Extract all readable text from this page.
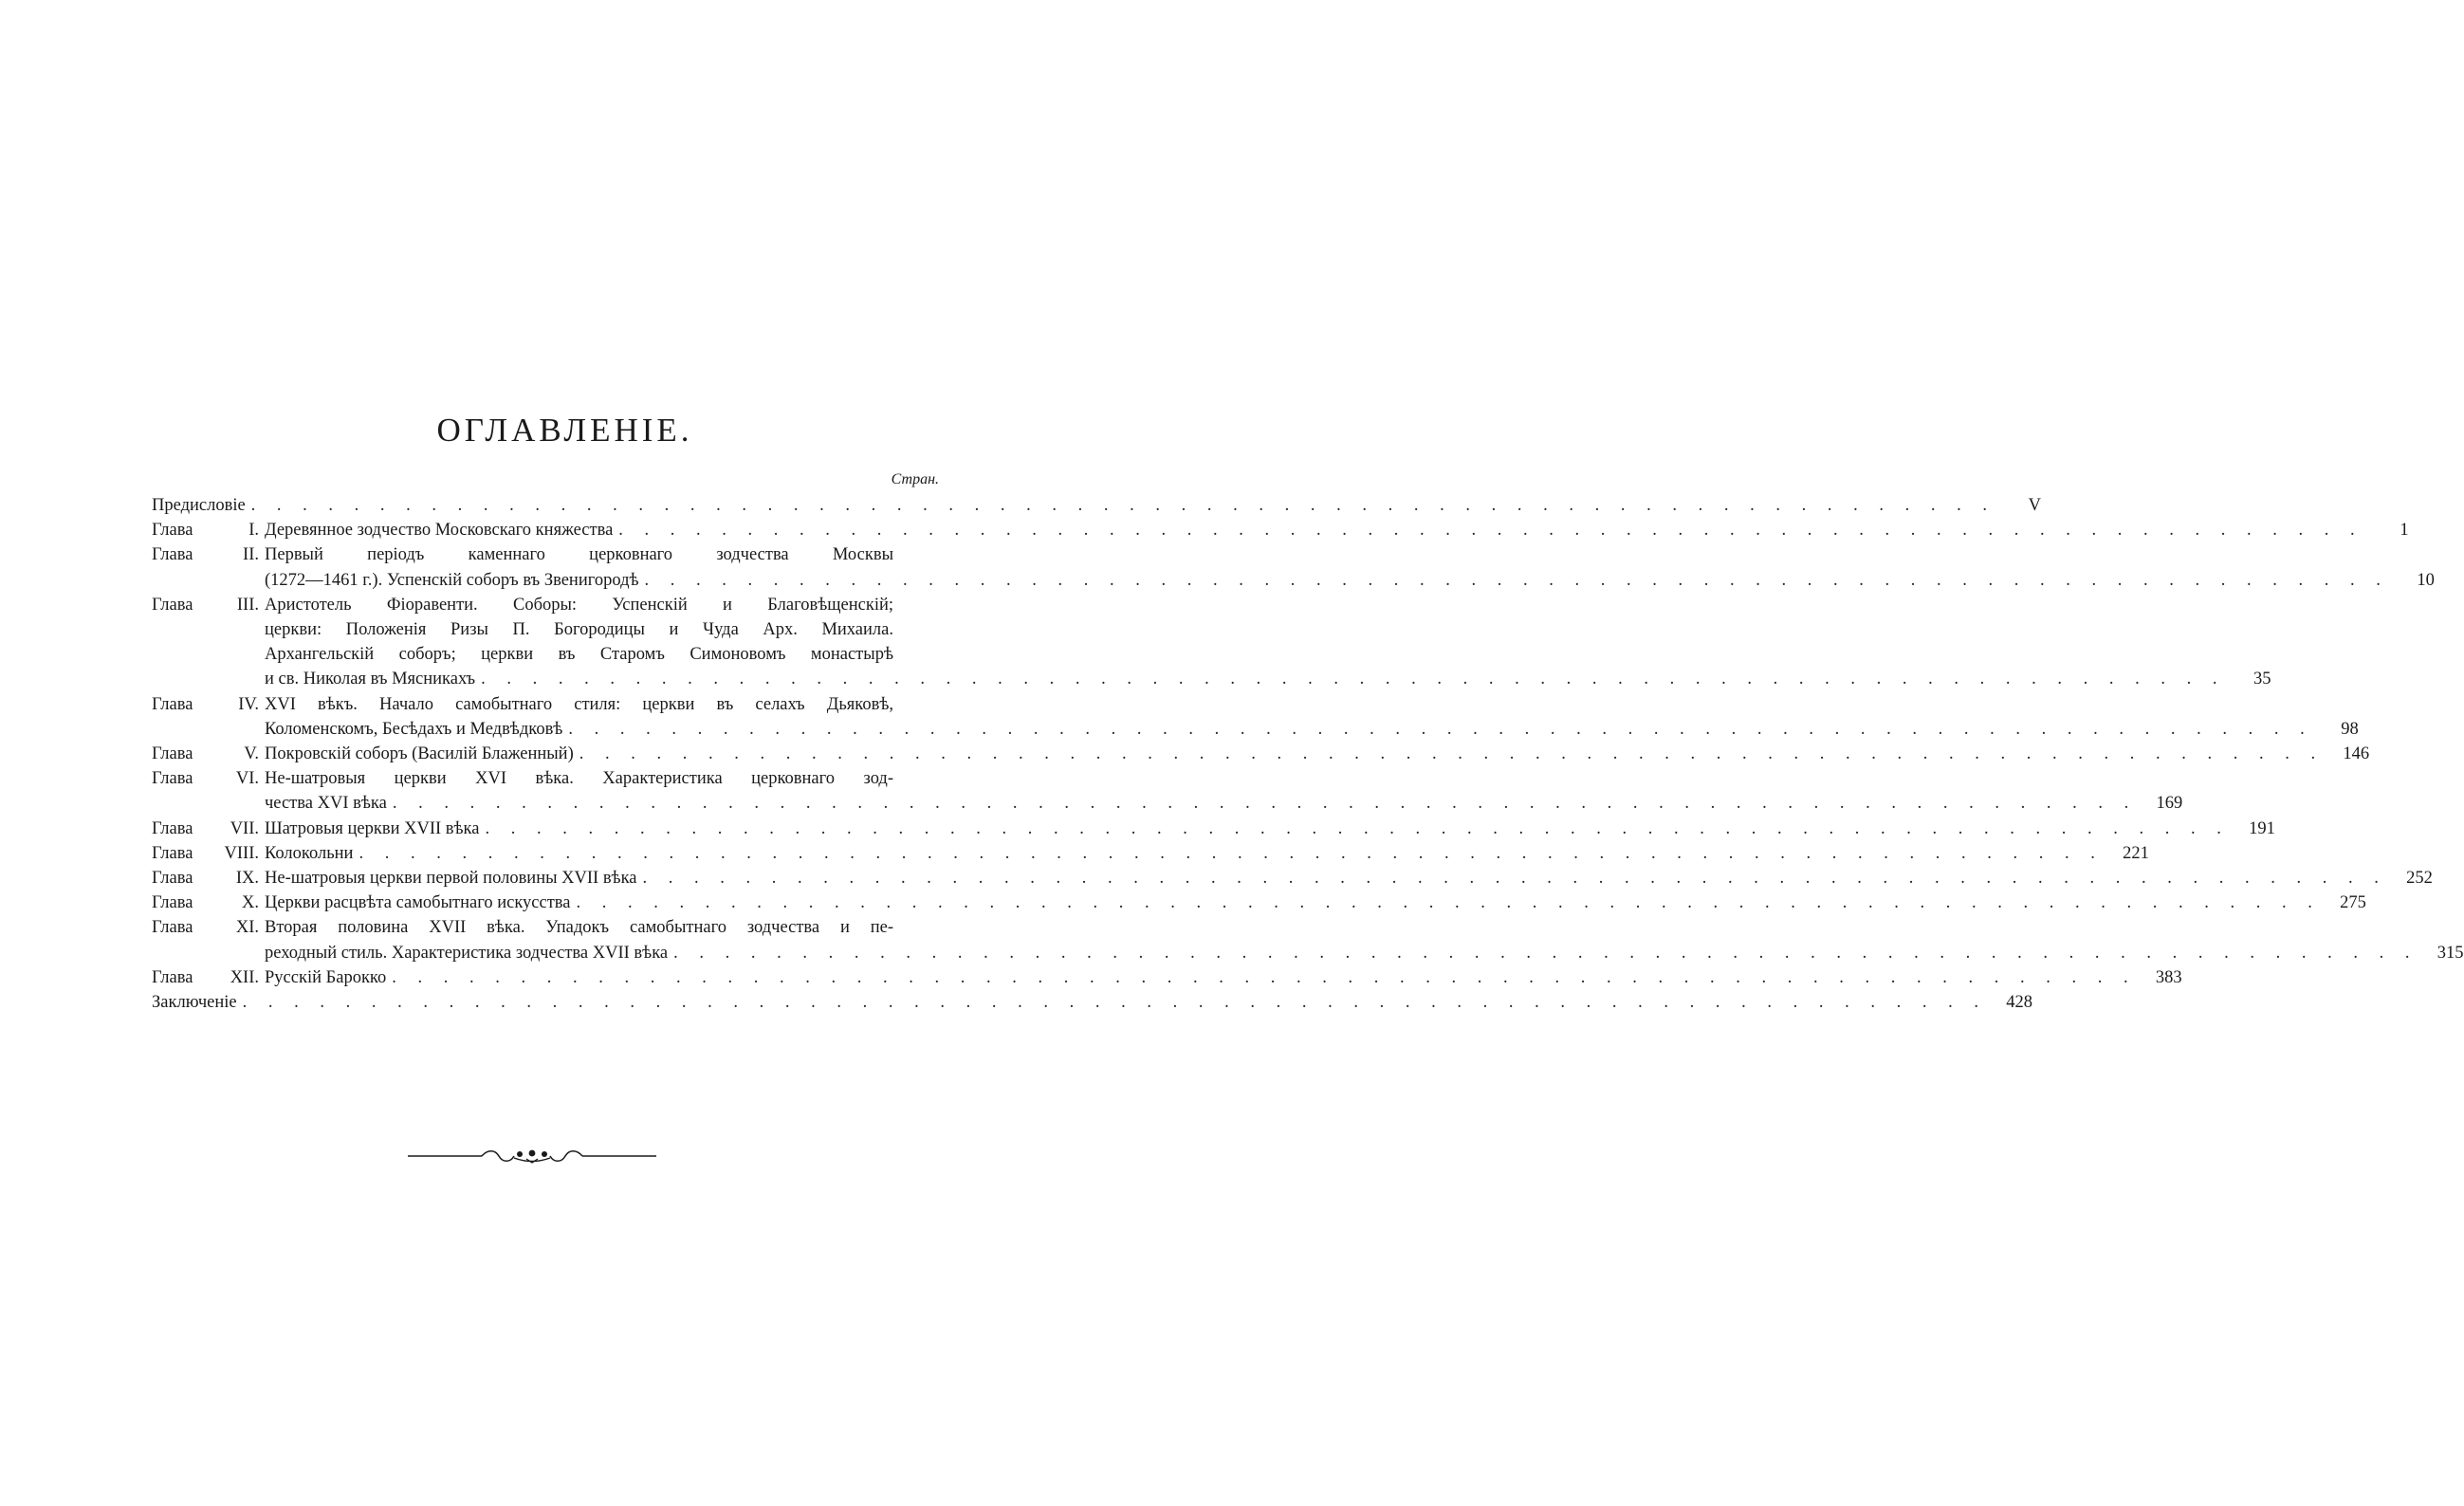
ОГЛАВЛЕНІЕ.
Стран.
Предисловіе . . .	V
Глава	I. Деревянное зодчество Московскаго княжества . . .	1
Глава	II. Первый періодъ каменнаго церковнаго зодчества Москвы
(1272—1461 г.). Успенскій соборъ въ Звенигородѣ . . .	10
Глава	III. Аристотель Фіоравенти. Соборы: Успенскій и Благовѣщенскій;
церкви: Положенія Ризы П. Богородицы и Чуда Арх. Михаила.
Архангельскій соборъ; церкви въ Старомъ Симоновомъ монастырѣ
и св. Николая въ Мясникахъ . . .	35
Глава	IV. XVI вѣкъ. Начало самобытнаго стиля: церкви въ селахъ Дьяковѣ,
Коломенскомъ, Бесѣдахъ и Медвѣдковѣ . . .	98
Глава	V. Покровскій соборъ (Василій Блаженный) . . .	146
Глава	VI. Не-шатровыя церкви XVI вѣка. Характеристика церковнаго зод-
чества XVI вѣка . . .	169
Глава	VII. Шатровыя церкви XVII вѣка . . .	191
Глава	VIII. Колокольни . . .	221
Глава	IX. Не-шатровыя церкви первой половины XVII вѣка . . .	252
Глава	X. Церкви расцвѣта самобытнаго искусства . . .	275
Глава	XI. Вторая половина XVII вѣка. Упадокъ самобытнаго зодчества и пе-
реходный стиль. Характеристика зодчества XVII вѣка . . .	315
Глава	XII. Русскій Барокко . . .	383
Заключеніе . . .	428
